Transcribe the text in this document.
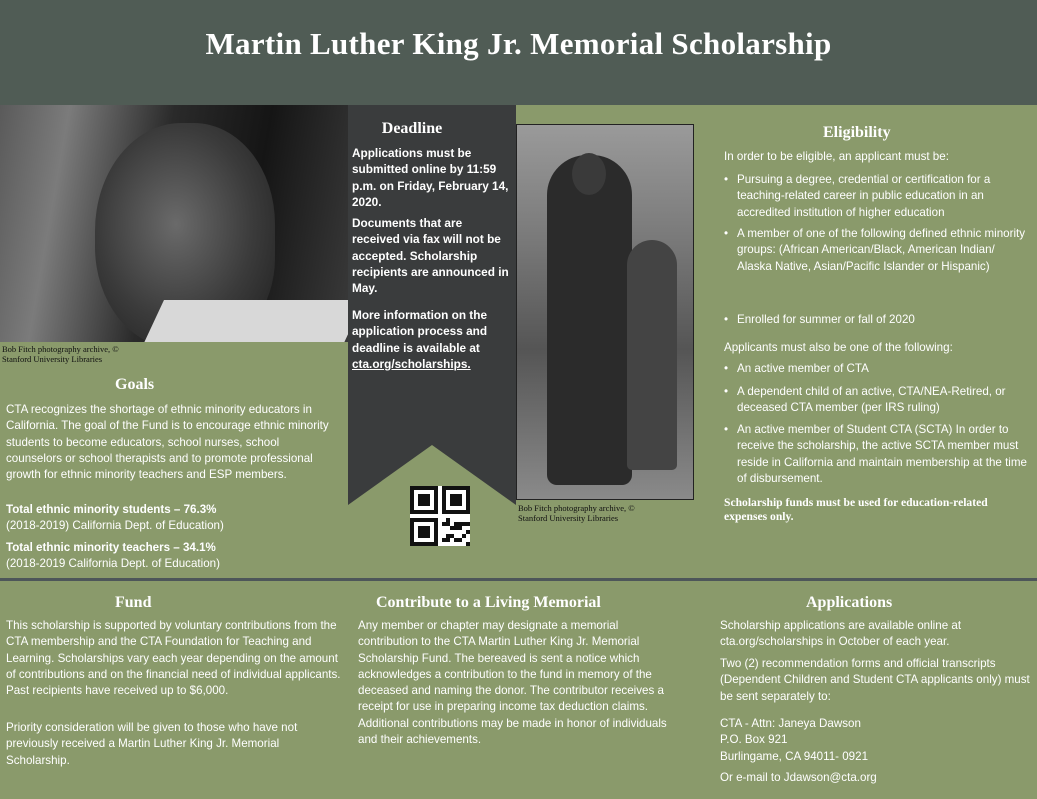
Martin Luther King Jr. Memorial Scholarship
Bob Fitch photography archive, ©
Stanford University Libraries
Goals
CTA recognizes the shortage of ethnic minority educators in California. The goal of the Fund is to encourage ethnic minority students to become educators, school nurses, school counselors or school therapists and to promote professional growth for ethnic minority teachers and ESP members.
Total ethnic minority students – 76.3%
(2018-2019) California Dept. of Education)
Total ethnic minority teachers – 34.1%
(2018-2019 California Dept. of Education)
Deadline
Applications must be submitted online by 11:59 p.m. on Friday, February 14, 2020.
Documents that are received via fax will not be accepted. Scholarship recipients are announced in May.
More information on the application process and deadline is available at cta.org/scholarships.
Bob Fitch photography archive, ©
Stanford University Libraries
Eligibility
In order to be eligible, an applicant must be:
• Pursuing a degree, credential or certification for a teaching-related career in public education in an accredited institution of higher education
• A member of one of the following defined ethnic minority groups: (African American/Black, American Indian/ Alaska Native, Asian/Pacific Islander or Hispanic)
• Enrolled for summer or fall of 2020
Applicants must also be one of the following:
• An active member of CTA
• A dependent child of an active, CTA/NEA-Retired, or deceased CTA member (per IRS ruling)
• An active member of Student CTA (SCTA) In order to receive the scholarship, the active SCTA member must reside in California and maintain membership at the time of disbursement.
Scholarship funds must be used for education-related expenses only.
Fund
This scholarship is supported by voluntary contributions from the CTA membership and the CTA Foundation for Teaching and Learning. Scholarships vary each year depending on the amount of contributions and on the financial need of individual applicants. Past recipients have received up to $6,000.
Priority consideration will be given to those who have not previously received a Martin Luther King Jr. Memorial Scholarship.
Contribute to a Living Memorial
Any member or chapter may designate a memorial contribution to the CTA Martin Luther King Jr. Memorial Scholarship Fund. The bereaved is sent a notice which acknowledges a contribution to the fund in memory of the deceased and naming the donor. The contributor receives a receipt for use in preparing income tax deduction claims. Additional contributions may be made in honor of individuals and their achievements.
Applications
Scholarship applications are available online at cta.org/scholarships in October of each year.
Two (2) recommendation forms and official transcripts (Dependent Children and Student CTA applicants only) must be sent separately to:
CTA - Attn: Janeya Dawson
P.O. Box 921
Burlingame, CA 94011- 0921
Or e-mail to Jdawson@cta.org
